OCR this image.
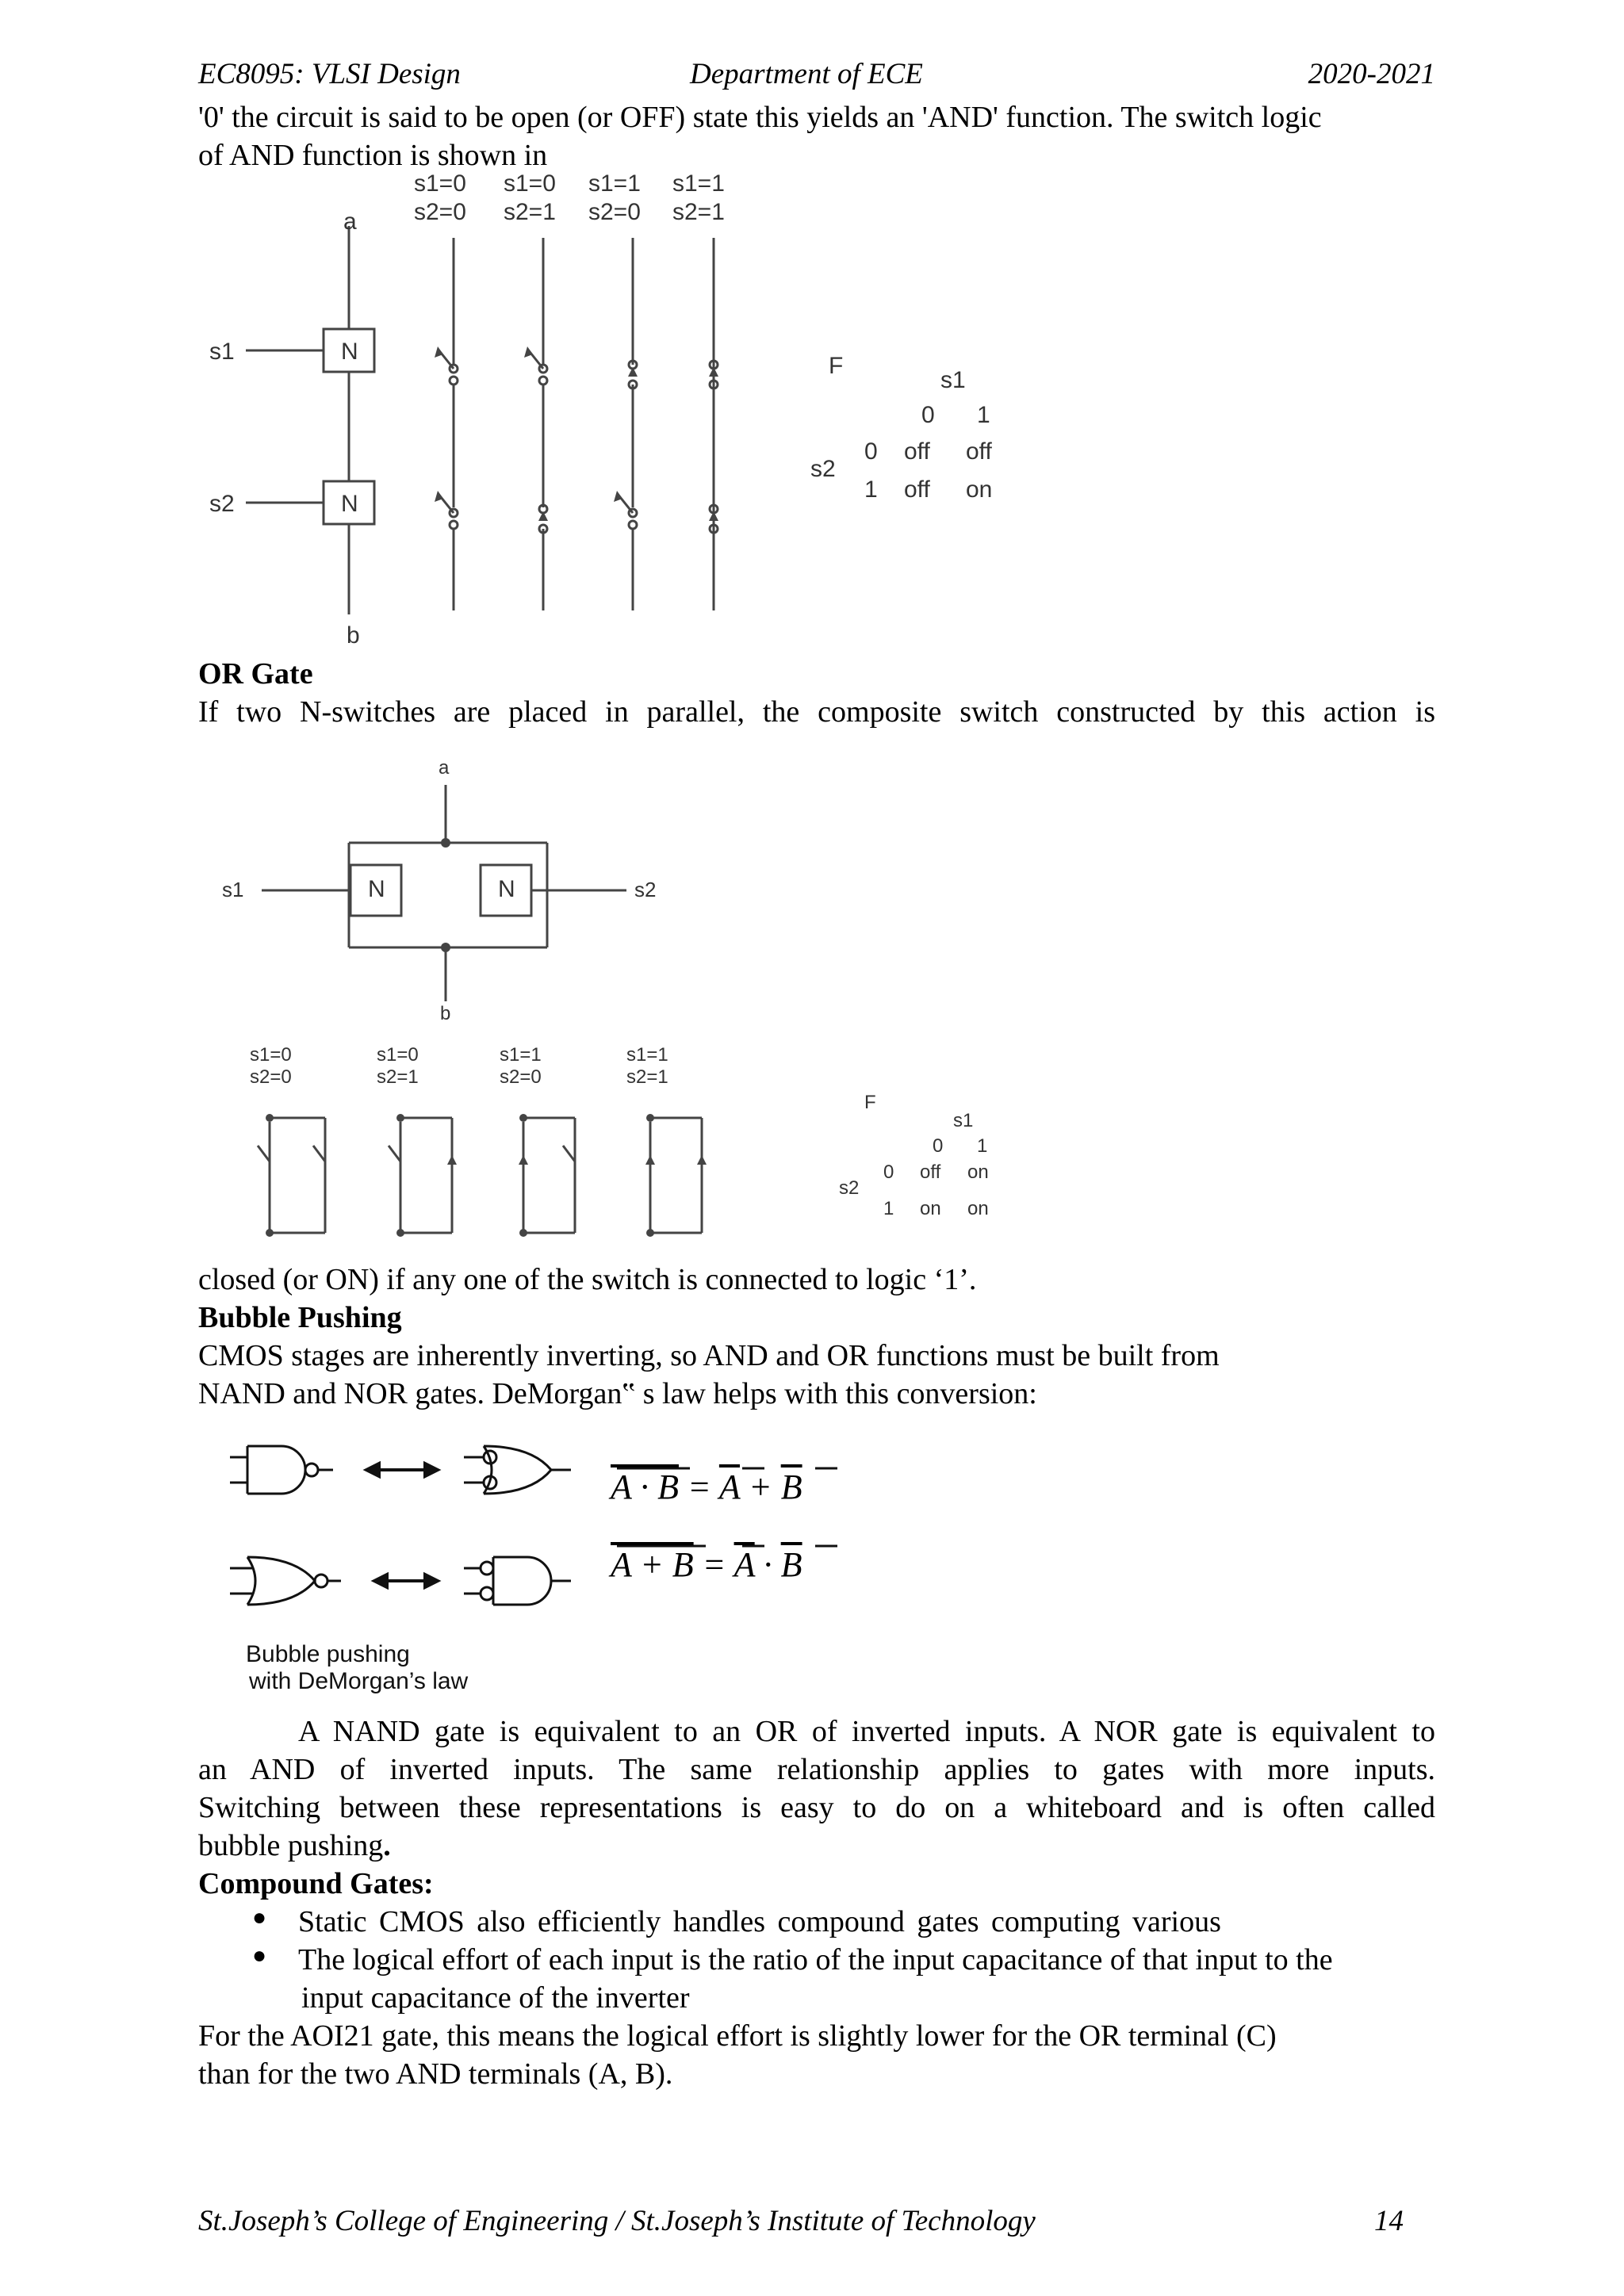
EC8095: VLSI Design	Department of ECE	2020-2021
'0' the circuit is said to be open (or OFF) state this yields an 'AND' function. The switch logic
of AND function is shown in
a
b
s1
s2
N
N
s1=0
s2=0
s1=0
s2=1
s1=1
s2=0
s1=1
s2=1
F
s1
0 1
s2
0 off off
1 off on
OR Gate
If two N-switches are placed in parallel, the composite switch constructed by this action is
a
b
s1	s2
N	N
s1=0
s2=0
s1=0
s2=1
s1=1
s2=0
s1=1
s2=1
F
s1
0 1
s2
0 off on
1 on on
closed (or ON) if any one of the switch is connected to logic ‘1’.
Bubble Pushing
CMOS stages are inherently inverting, so AND and OR functions must be built from
NAND and NOR gates. DeMorgan‟ s law helps with this conversion:
$A \cdot B = \overline{A} + \overline{B}$
$A + B = \overline{A} \cdot \overline{B}$
Bubble pushing
with DeMorgan’s law
A NAND gate is equivalent to an OR of inverted inputs. A NOR gate is equivalent to
an AND of inverted inputs. The same relationship applies to gates with more inputs.
Switching between these representations is easy to do on a whiteboard and is often called
bubble pushing.
Compound Gates:
● Static CMOS also efficiently handles compound gates computing various
● The logical effort of each input is the ratio of the input capacitance of that input to the
input capacitance of the inverter
For the AOI21 gate, this means the logical effort is slightly lower for the OR terminal (C)
than for the two AND terminals (A, B).
St.Joseph’s College of Engineering / St.Joseph’s Institute of Technology	14
